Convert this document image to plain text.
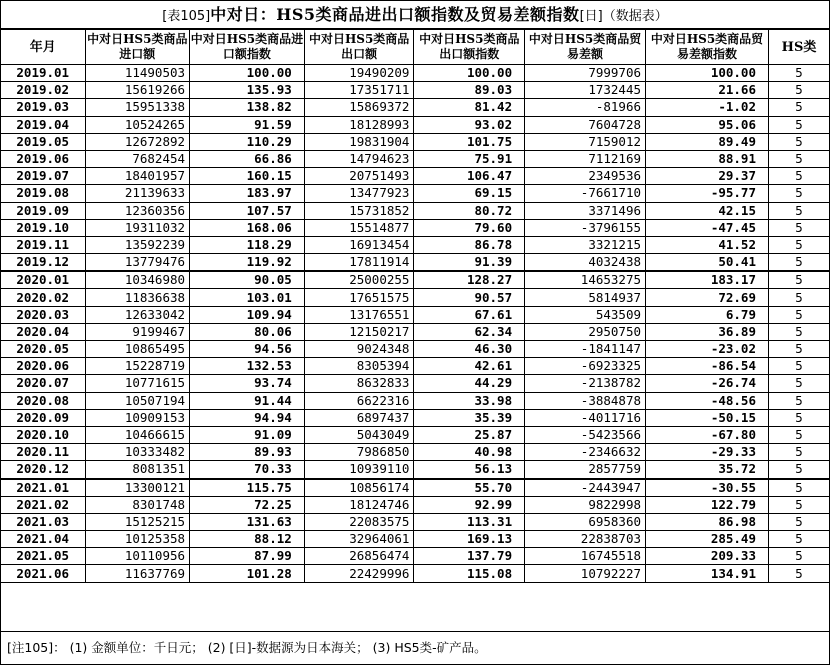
[表105]中对日：HS5类商品进出口额指数及贸易差额指数[日]（数据表）
年月	中对日HS5类商品进口额	中对日HS5类商品进口额指数	中对日HS5类商品出口额	中对日HS5类商品出口额指数	中对日HS5类商品贸易差额	中对日HS5类商品贸易差额指数	HS类
2019.01	11490503	100.00	19490209	100.00	7999706	100.00	5
2019.02	15619266	135.93	17351711	89.03	1732445	21.66	5
2019.03	15951338	138.82	15869372	81.42	-81966	-1.02	5
2019.04	10524265	91.59	18128993	93.02	7604728	95.06	5
2019.05	12672892	110.29	19831904	101.75	7159012	89.49	5
2019.06	7682454	66.86	14794623	75.91	7112169	88.91	5
2019.07	18401957	160.15	20751493	106.47	2349536	29.37	5
2019.08	21139633	183.97	13477923	69.15	-7661710	-95.77	5
2019.09	12360356	107.57	15731852	80.72	3371496	42.15	5
2019.10	19311032	168.06	15514877	79.60	-3796155	-47.45	5
2019.11	13592239	118.29	16913454	86.78	3321215	41.52	5
2019.12	13779476	119.92	17811914	91.39	4032438	50.41	5
2020.01	10346980	90.05	25000255	128.27	14653275	183.17	5
2020.02	11836638	103.01	17651575	90.57	5814937	72.69	5
2020.03	12633042	109.94	13176551	67.61	543509	6.79	5
2020.04	9199467	80.06	12150217	62.34	2950750	36.89	5
2020.05	10865495	94.56	9024348	46.30	-1841147	-23.02	5
2020.06	15228719	132.53	8305394	42.61	-6923325	-86.54	5
2020.07	10771615	93.74	8632833	44.29	-2138782	-26.74	5
2020.08	10507194	91.44	6622316	33.98	-3884878	-48.56	5
2020.09	10909153	94.94	6897437	35.39	-4011716	-50.15	5
2020.10	10466615	91.09	5043049	25.87	-5423566	-67.80	5
2020.11	10333482	89.93	7986850	40.98	-2346632	-29.33	5
2020.12	8081351	70.33	10939110	56.13	2857759	35.72	5
2021.01	13300121	115.75	10856174	55.70	-2443947	-30.55	5
2021.02	8301748	72.25	18124746	92.99	9822998	122.79	5
2021.03	15125215	131.63	22083575	113.31	6958360	86.98	5
2021.04	10125358	88.12	32964061	169.13	22838703	285.49	5
2021.05	10110956	87.99	26856474	137.79	16745518	209.33	5
2021.06	11637769	101.28	22429996	115.08	10792227	134.91	5
[注105]： (1) 金额单位：千日元； (2) [日]-数据源为日本海关； (3) HS5类-矿产品。
